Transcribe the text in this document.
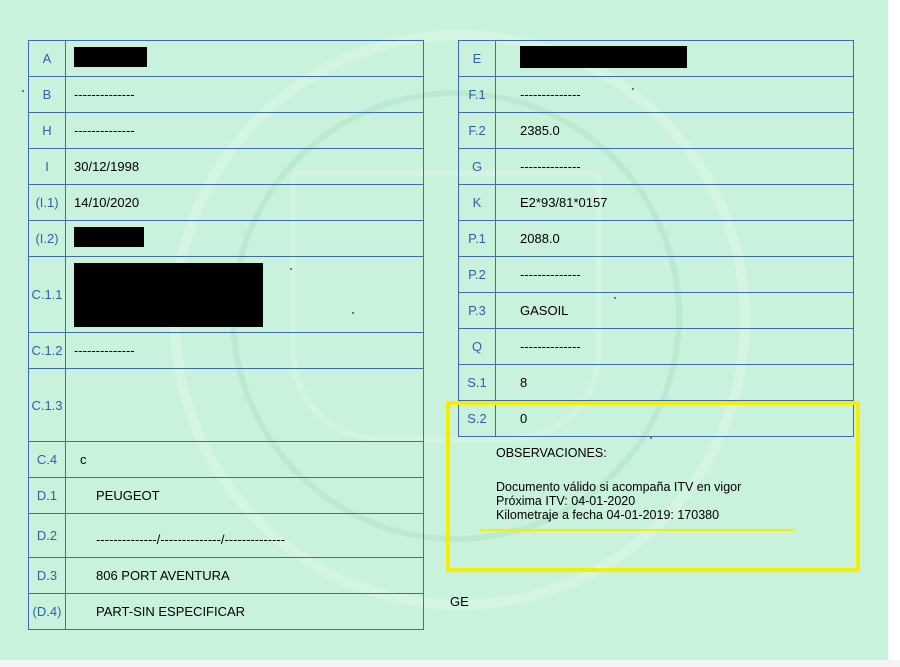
A	
B	--------------
H	--------------
I	30/12/1998
(I.1)	14/10/2020
(I.2)	
C.1.1	
C.1.2	--------------
C.1.3	
C.4	c
D.1	PEUGEOT
D.2	--------------/--------------/--------------
D.3	806 PORT AVENTURA
(D.4)	PART-SIN ESPECIFICAR
E	
F.1	--------------
F.2	2385.0
G	--------------
K	E2*93/81*0157
P.1	2088.0
P.2	--------------
P.3	GASOIL
Q	--------------
S.1	8
S.2	0
OBSERVACIONES:
Documento válido si acompaña ITV en vigor
Próxima ITV: 04-01-2020
Kilometraje a fecha 04-01-2019: 170380
GE
